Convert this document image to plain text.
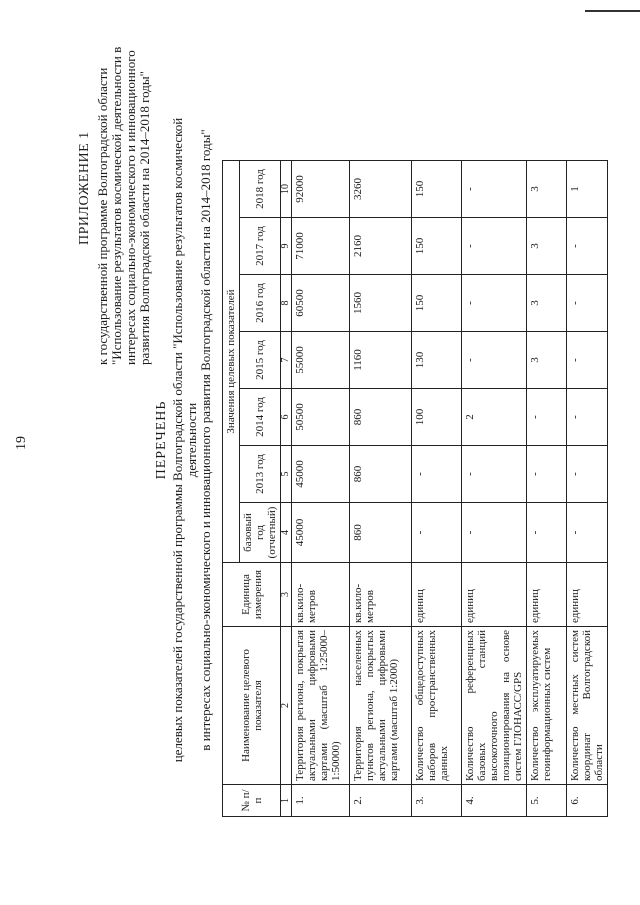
19
ПРИЛОЖЕНИЕ 1 к государственной программе Волгоградской области "Использование результатов космической деятельности в интересах социально-экономического и инновационного развития Волгоградской области на 2014–2018 годы"
ПЕРЕЧЕНЬ целевых показателей государственной программы Волгоградской области "Использование результатов космической деятельности в интересах социально-экономического и инновационного развития Волгоградской области на 2014–2018 годы"
№ п/п	Наименование целевого показателя	Единица измерения	Значения целевых показателей						
			базовый год (отчетный)	2013 год	2014 год	2015 год	2016 год	2017 год	2018 год
1	2	3	4	5	6	7	8	9	10
1.	Территория региона, покрытая актуальными цифровыми картами (масштаб 1:25000–1:50000)	кв.кило-метров	45000	45000	50500	55000	60500	71000	92000
2.	Территория населенных пунктов региона, покрытых актуальными цифровыми картами (масштаб 1:2000)	кв.кило-метров	860	860	860	1160	1560	2160	3260
3.	Количество общедоступных наборов пространственных данных	единиц	-	-	100	130	150	150	150
4.	Количество референцных базовых станций высокоточного позиционирования на основе систем ГЛОНАСС/GPS	единиц	-	-	2	-	-	-	-
5.	Количество эксплуатируемых геоинформационных систем	единиц	-	-	-	3	3	3	3
6.	Количество местных систем координат Волгоградской области	единиц	-	-	-	-	-	-	1
